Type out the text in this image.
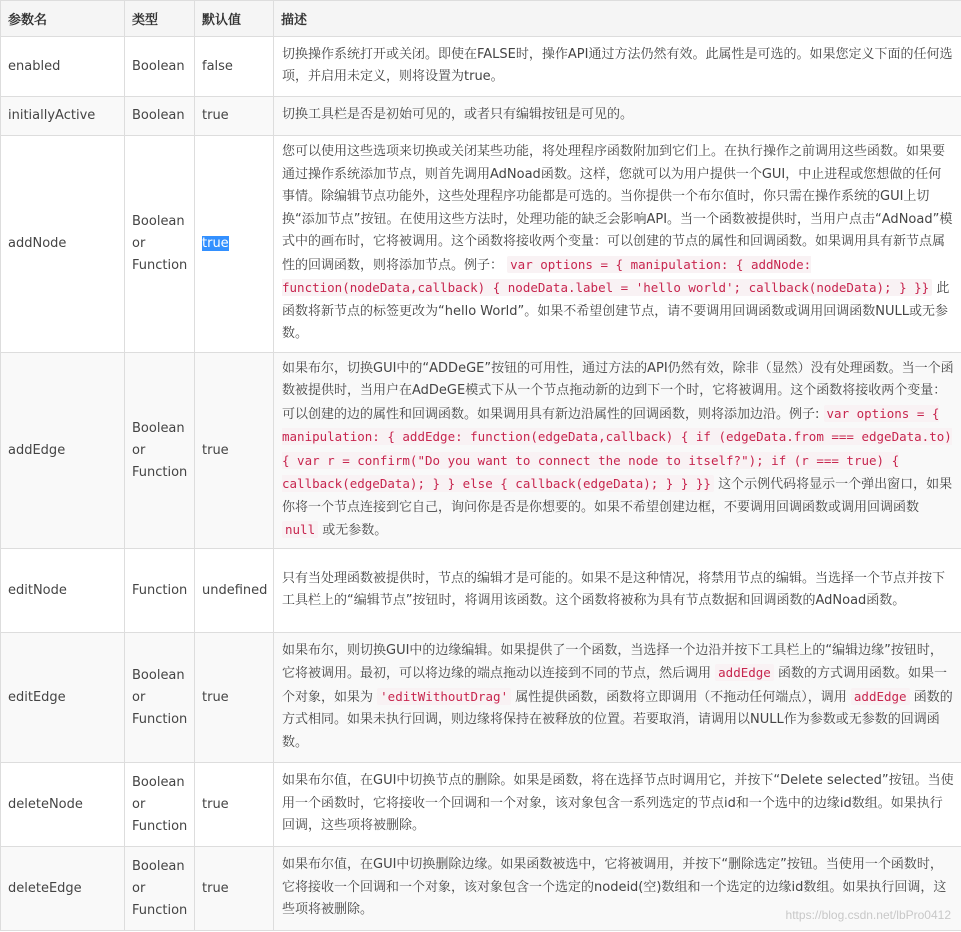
参数名	类型	默认值	描述
enabled	Boolean	false	切换操作系统打开或关闭。即使在FALSE时，操作API通过方法仍然有效。此属性是可选的。如果您定义下面的任何选项，并启用未定义，则将设置为true。
initiallyActive	Boolean	true	切换工具栏是否是初始可见的，或者只有编辑按钮是可见的。
addNode	Boolean or Function	true	您可以使用这些选项来切换或关闭某些功能，将处理程序函数附加到它们上。在执行操作之前调用这些函数。如果要通过操作系统添加节点，则首先调用AdNoad函数。这样，您就可以为用户提供一个GUI，中止进程或您想做的任何事情。除编辑节点功能外，这些处理程序功能都是可选的。当你提供一个布尔值时，你只需在操作系统的GUI上切换“添加节点”按钮。在使用这些方法时，处理功能的缺乏会影响API。当一个函数被提供时，当用户点击“AdNoad”模式中的画布时，它将被调用。这个函数将接收两个变量：可以创建的节点的属性和回调函数。如果调用具有新节点属性的回调函数，则将添加节点。例子： var options = { manipulation: { addNode: function(nodeData,callback) { nodeData.label = 'hello world'; callback(nodeData); } }} 此函数将新节点的标签更改为“hello World”。如果不希望创建节点，请不要调用回调函数或调用回调函数NULL或无参数。
addEdge	Boolean or Function	true	如果布尔，切换GUI中的“ADDeGE”按钮的可用性，通过方法的API仍然有效，除非（显然）没有处理函数。当一个函数被提供时，当用户在AdDeGE模式下从一个节点拖动新的边到下一个时，它将被调用。这个函数将接收两个变量：可以创建的边的属性和回调函数。如果调用具有新边沿属性的回调函数，则将添加边沿。例子: var options = { manipulation: { addEdge: function(edgeData,callback) { if (edgeData.from === edgeData.to) { var r = confirm("Do you want to connect the node to itself?"); if (r === true) { callback(edgeData); } } else { callback(edgeData); } } }} 这个示例代码将显示一个弹出窗口，如果你将一个节点连接到它自己，询问你是否是你想要的。如果不希望创建边框，不要调用回调函数或调用回调函数 null 或无参数。
editNode	Function	undefined	只有当处理函数被提供时，节点的编辑才是可能的。如果不是这种情况，将禁用节点的编辑。当选择一个节点并按下工具栏上的“编辑节点”按钮时，将调用该函数。这个函数将被称为具有节点数据和回调函数的AdNoad函数。
editEdge	Boolean or Function	true	如果布尔，则切换GUI中的边缘编辑。如果提供了一个函数，当选择一个边沿并按下工具栏上的“编辑边缘”按钮时，它将被调用。最初，可以将边缘的端点拖动以连接到不同的节点，然后调用 addEdge 函数的方式调用函数。如果一个对象，如果为 'editWithoutDrag' 属性提供函数，函数将立即调用（不拖动任何端点），调用 addEdge 函数的方式相同。如果未执行回调，则边缘将保持在被释放的位置。若要取消，请调用以NULL作为参数或无参数的回调函数。
deleteNode	Boolean or Function	true	如果布尔值，在GUI中切换节点的删除。如果是函数，将在选择节点时调用它，并按下“Delete selected”按钮。当使用一个函数时，它将接收一个回调和一个对象，该对象包含一系列选定的节点id和一个选中的边缘id数组。如果执行回调，这些项将被删除。
deleteEdge	Boolean or Function	true	如果布尔值，在GUI中切换删除边缘。如果函数被选中，它将被调用，并按下“删除选定”按钮。当使用一个函数时，它将接收一个回调和一个对象，该对象包含一个选定的nodeid(空)数组和一个选定的边缘id数组。如果执行回调，这些项将被删除。	https://blog.csdn.net/lbPro0412
